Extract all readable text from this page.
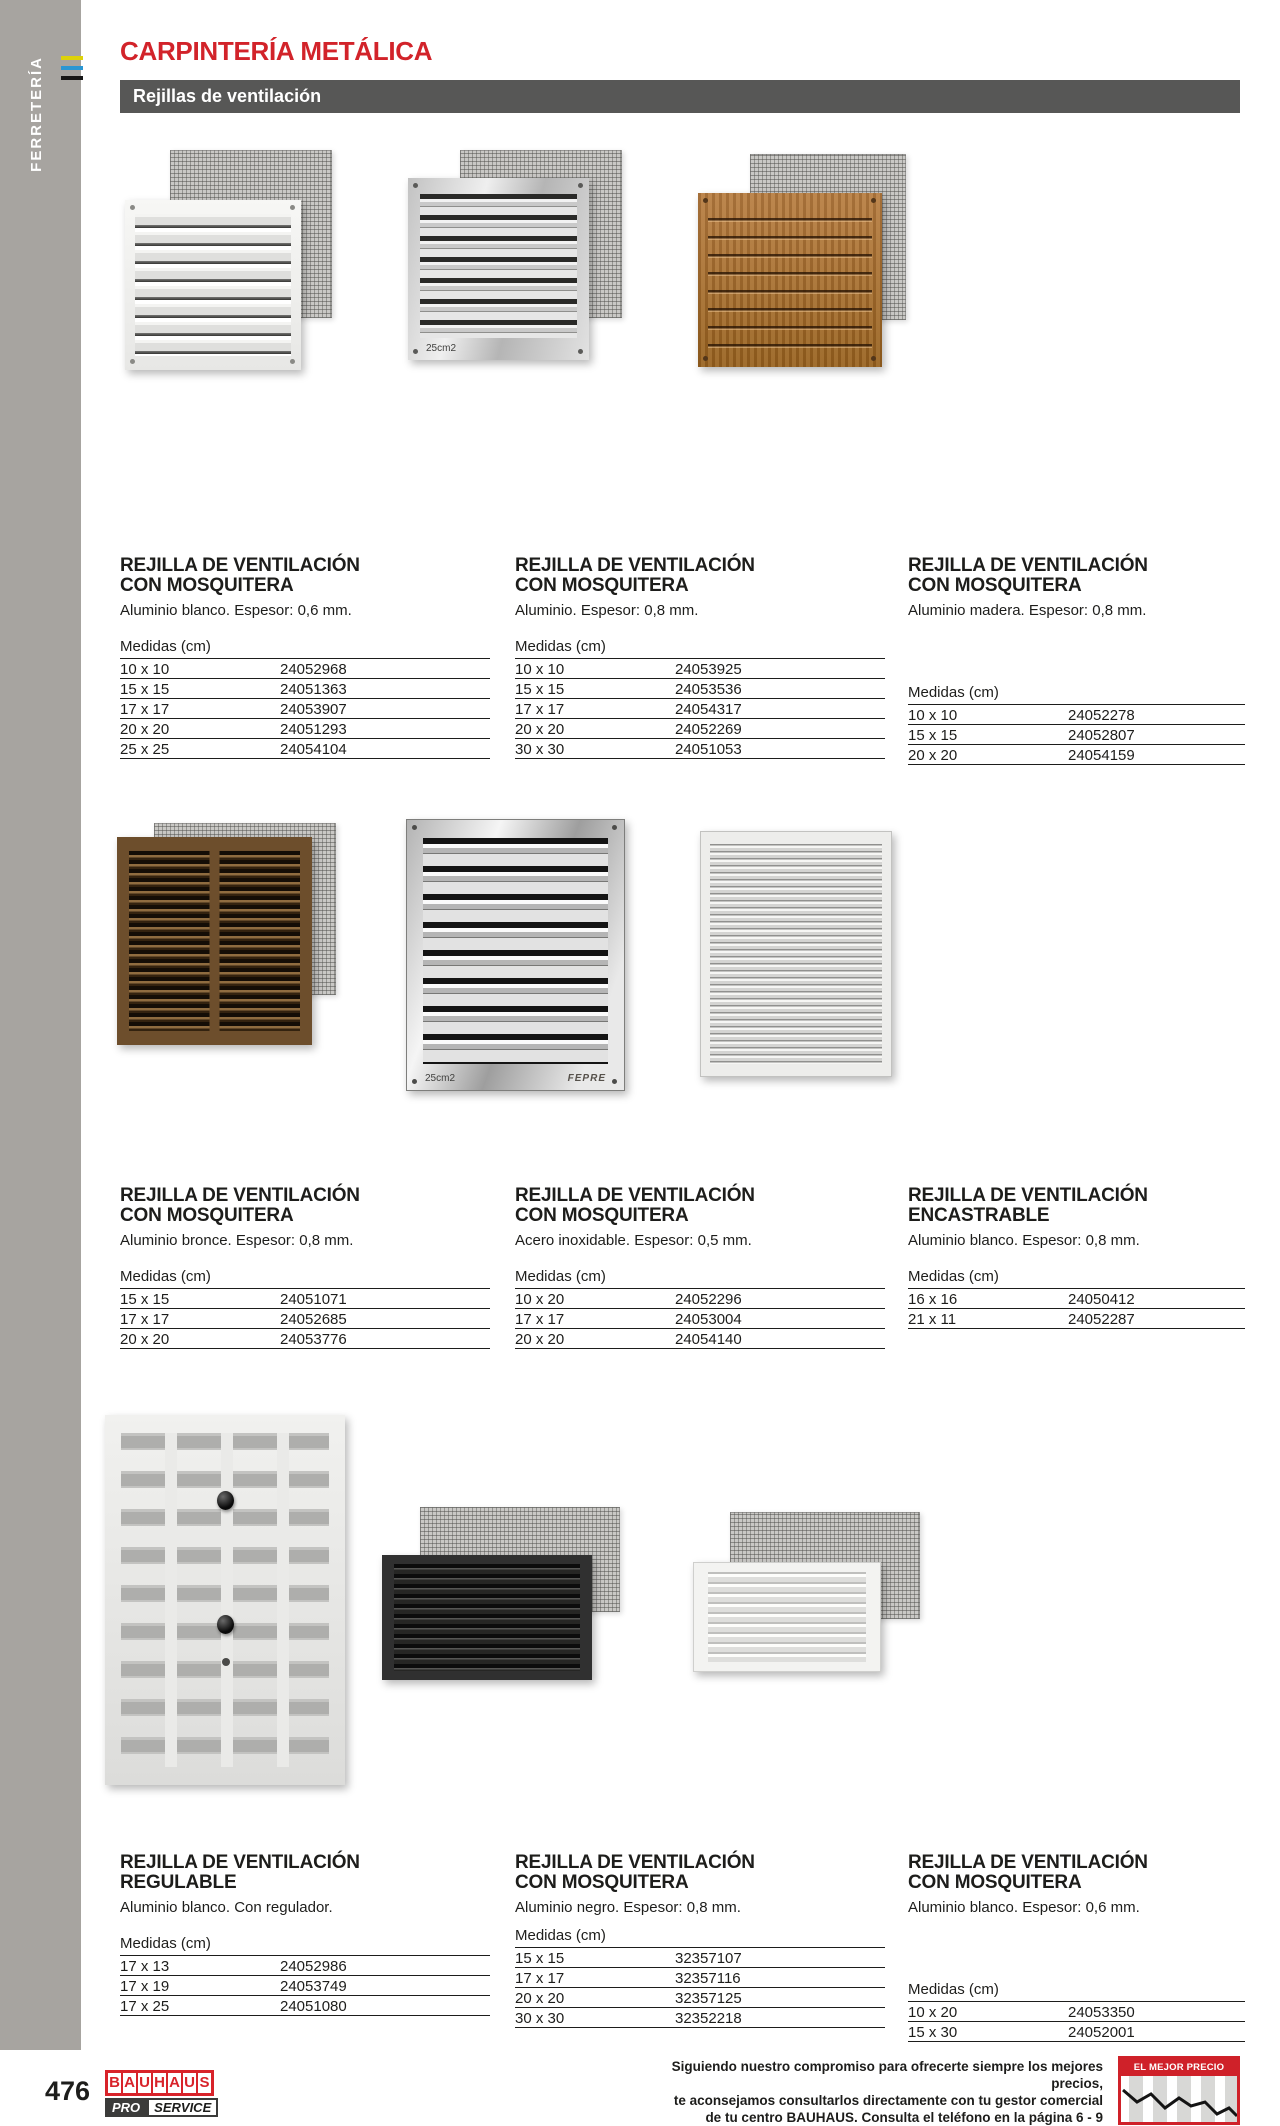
FERRETERÍA
CARPINTERÍA METÁLICA
Rejillas de ventilación
25cm2
REJILLA DE VENTILACIÓN
CON MOSQUITERA

Aluminio blanco. Espesor: 0,6 mm.

Medidas (cm)
10 x 10	24052968
15 x 15	24051363
17 x 17	24053907
20 x 20	24051293
25 x 25	24054104
REJILLA DE VENTILACIÓN
CON MOSQUITERA

Aluminio. Espesor: 0,8 mm.

Medidas (cm)
10 x 10	24053925
15 x 15	24053536
17 x 17	24054317
20 x 20	24052269
30 x 30	24051053
REJILLA DE VENTILACIÓN
CON MOSQUITERA

Aluminio madera. Espesor: 0,8 mm.

Medidas (cm)
10 x 10	24052278
15 x 15	24052807
20 x 20	24054159
25cm2	FEPRE
REJILLA DE VENTILACIÓN
CON MOSQUITERA

Aluminio bronce. Espesor: 0,8 mm.

Medidas (cm)
15 x 15	24051071
17 x 17	24052685
20 x 20	24053776
REJILLA DE VENTILACIÓN
CON MOSQUITERA

Acero inoxidable. Espesor: 0,5 mm.

Medidas (cm)
10 x 20	24052296
17 x 17	24053004
20 x 20	24054140
REJILLA DE VENTILACIÓN
ENCASTRABLE

Aluminio blanco. Espesor: 0,8 mm.

Medidas (cm)
16 x 16	24050412
21 x 11	24052287
REJILLA DE VENTILACIÓN
REGULABLE

Aluminio blanco. Con regulador.

Medidas (cm)
17 x 13	24052986
17 x 19	24053749
17 x 25	24051080
REJILLA DE VENTILACIÓN
CON MOSQUITERA

Aluminio negro. Espesor: 0,8 mm.

Medidas (cm)
15 x 15	32357107
17 x 17	32357116
20 x 20	32357125
30 x 30	32352218
REJILLA DE VENTILACIÓN
CON MOSQUITERA

Aluminio blanco. Espesor: 0,6 mm.

Medidas (cm)
10 x 20	24053350
15 x 30	24052001
476 B A U H A U S
PRO	SERVICE
Siguiendo nuestro compromiso para ofrecerte siempre los mejores precios,
te aconsejamos consultarlos directamente con tu gestor comercial
de tu centro BAUHAUS. Consulta el teléfono en la página 6 - 9
EL MEJOR PRECIO
